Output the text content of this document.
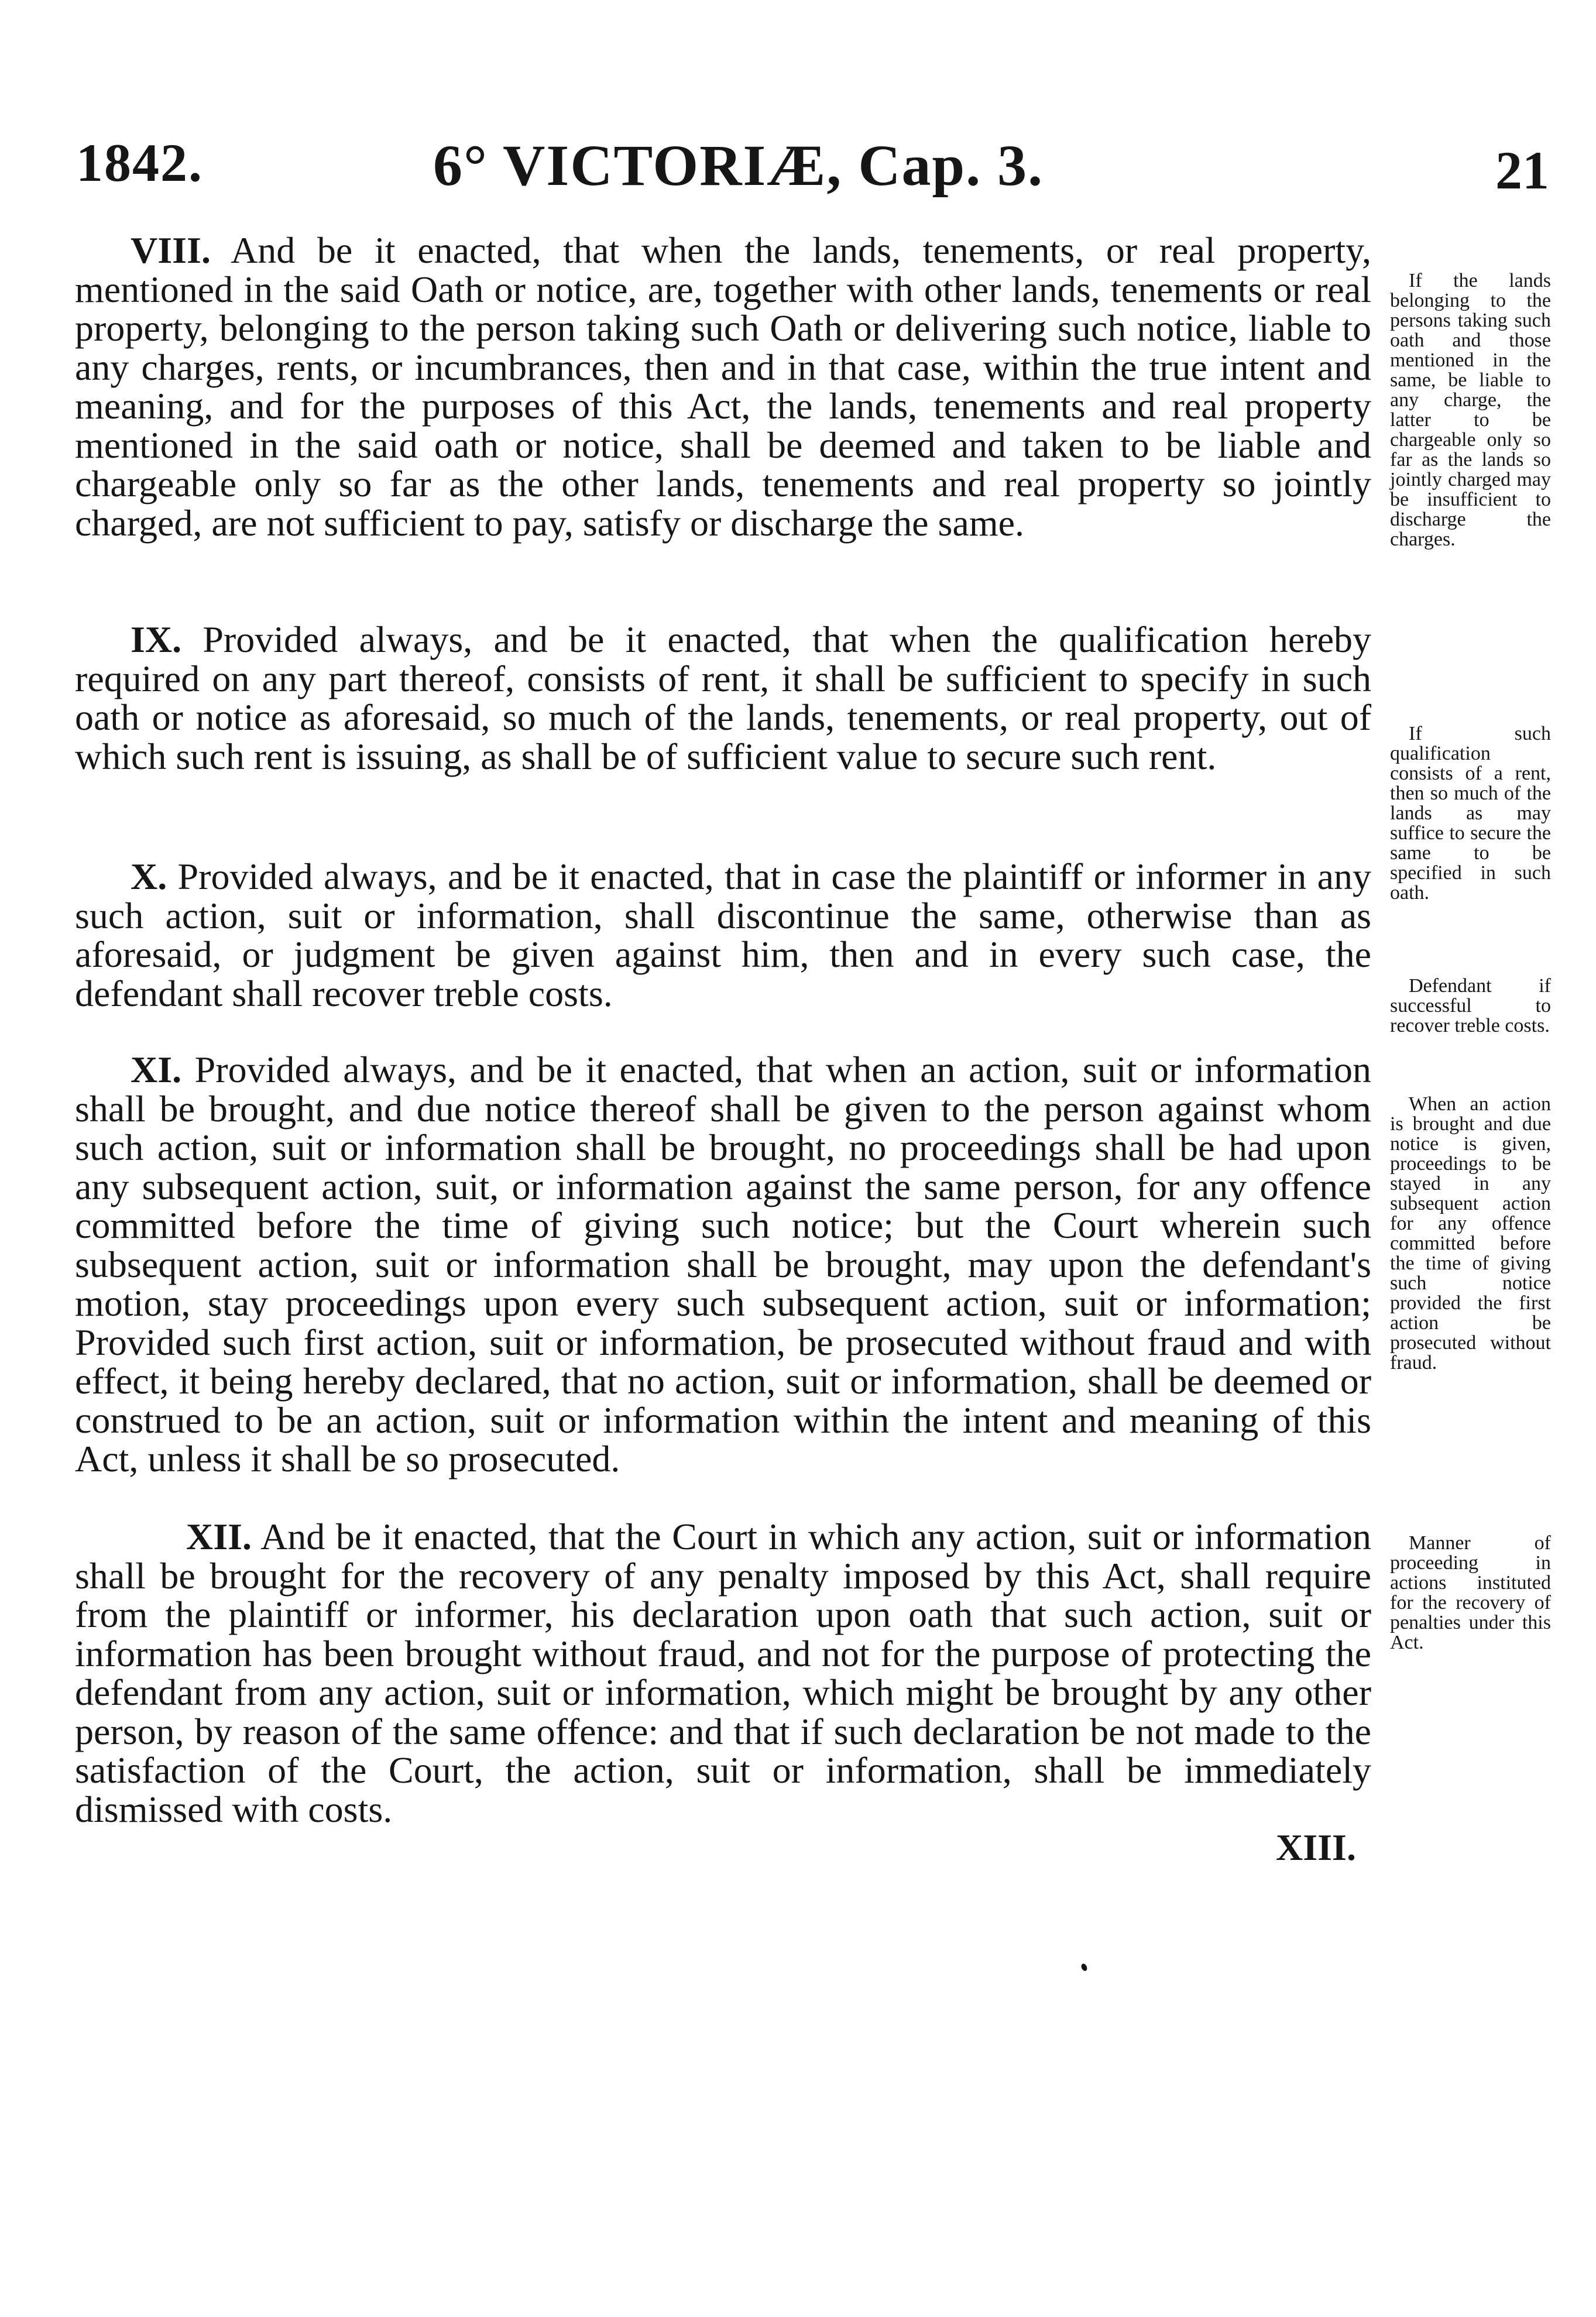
1842.	6° VICTORIÆ, Cap. 3.	21

VIII. And be it enacted, that when the lands, tenements, or real property, mentioned in the said Oath or notice, are, together with other lands, tenements or real property, belonging to the person taking such Oath or delivering such notice, liable to any charges, rents, or incumbrances, then and in that case, within the true intent and meaning, and for the purposes of this Act, the lands, tenements and real property mentioned in the said oath or notice, shall be deemed and taken to be liable and chargeable only so far as the other lands, tenements and real property so jointly charged, are not sufficient to pay, satisfy or discharge the same.

If the lands belonging to the persons taking such oath and those mentioned in the same, be liable to any charge, the latter to be chargeable only so far as the lands so jointly charged may be insufficient to discharge the charges.

IX. Provided always, and be it enacted, that when the qualification hereby required on any part thereof, consists of rent, it shall be sufficient to specify in such oath or notice as aforesaid, so much of the lands, tenements, or real property, out of which such rent is issuing, as shall be of sufficient value to secure such rent.

If such qualification consists of a rent, then so much of the lands as may suffice to secure the same to be specified in such oath.

X. Provided always, and be it enacted, that in case the plaintiff or informer in any such action, suit or information, shall discontinue the same, otherwise than as aforesaid, or judgment be given against him, then and in every such case, the defendant shall recover treble costs.	Defendant if successful to recover treble costs.

XI. Provided always, and be it enacted, that when an action, suit or information shall be brought, and due notice thereof shall be given to the person against whom such action, suit or information shall be brought, no proceedings shall be had upon any subsequent action, suit, or information against the same person, for any offence committed before the time of giving such notice; but the Court wherein such subsequent action, suit or information shall be brought, may upon the defendant's motion, stay proceedings upon every such subsequent action, suit or information; Provided such first action, suit or information, be prosecuted without fraud and with effect, it being hereby declared, that no action, suit or information, shall be deemed or construed to be an action, suit or information within the intent and meaning of this Act, unless it shall be so prosecuted.

When an action is brought and due notice is given, proceedings to be stayed in any subsequent action for any offence committed before the time of giving such notice provided the first action be prosecuted without fraud.

XII. And be it enacted, that the Court in which any action, suit or information shall be brought for the recovery of any penalty imposed by this Act, shall require from the plaintiff or informer, his declaration upon oath that such action, suit or information has been brought without fraud, and not for the purpose of protecting the defendant from any action, suit or information, which might be brought by any other person, by reason of the same offence: and that if such declaration be not made to the satisfaction of the Court, the action, suit or information, shall be immediately dismissed with costs.

Manner of proceeding in actions instituted for the recovery of penalties under this Act.
XIII.
